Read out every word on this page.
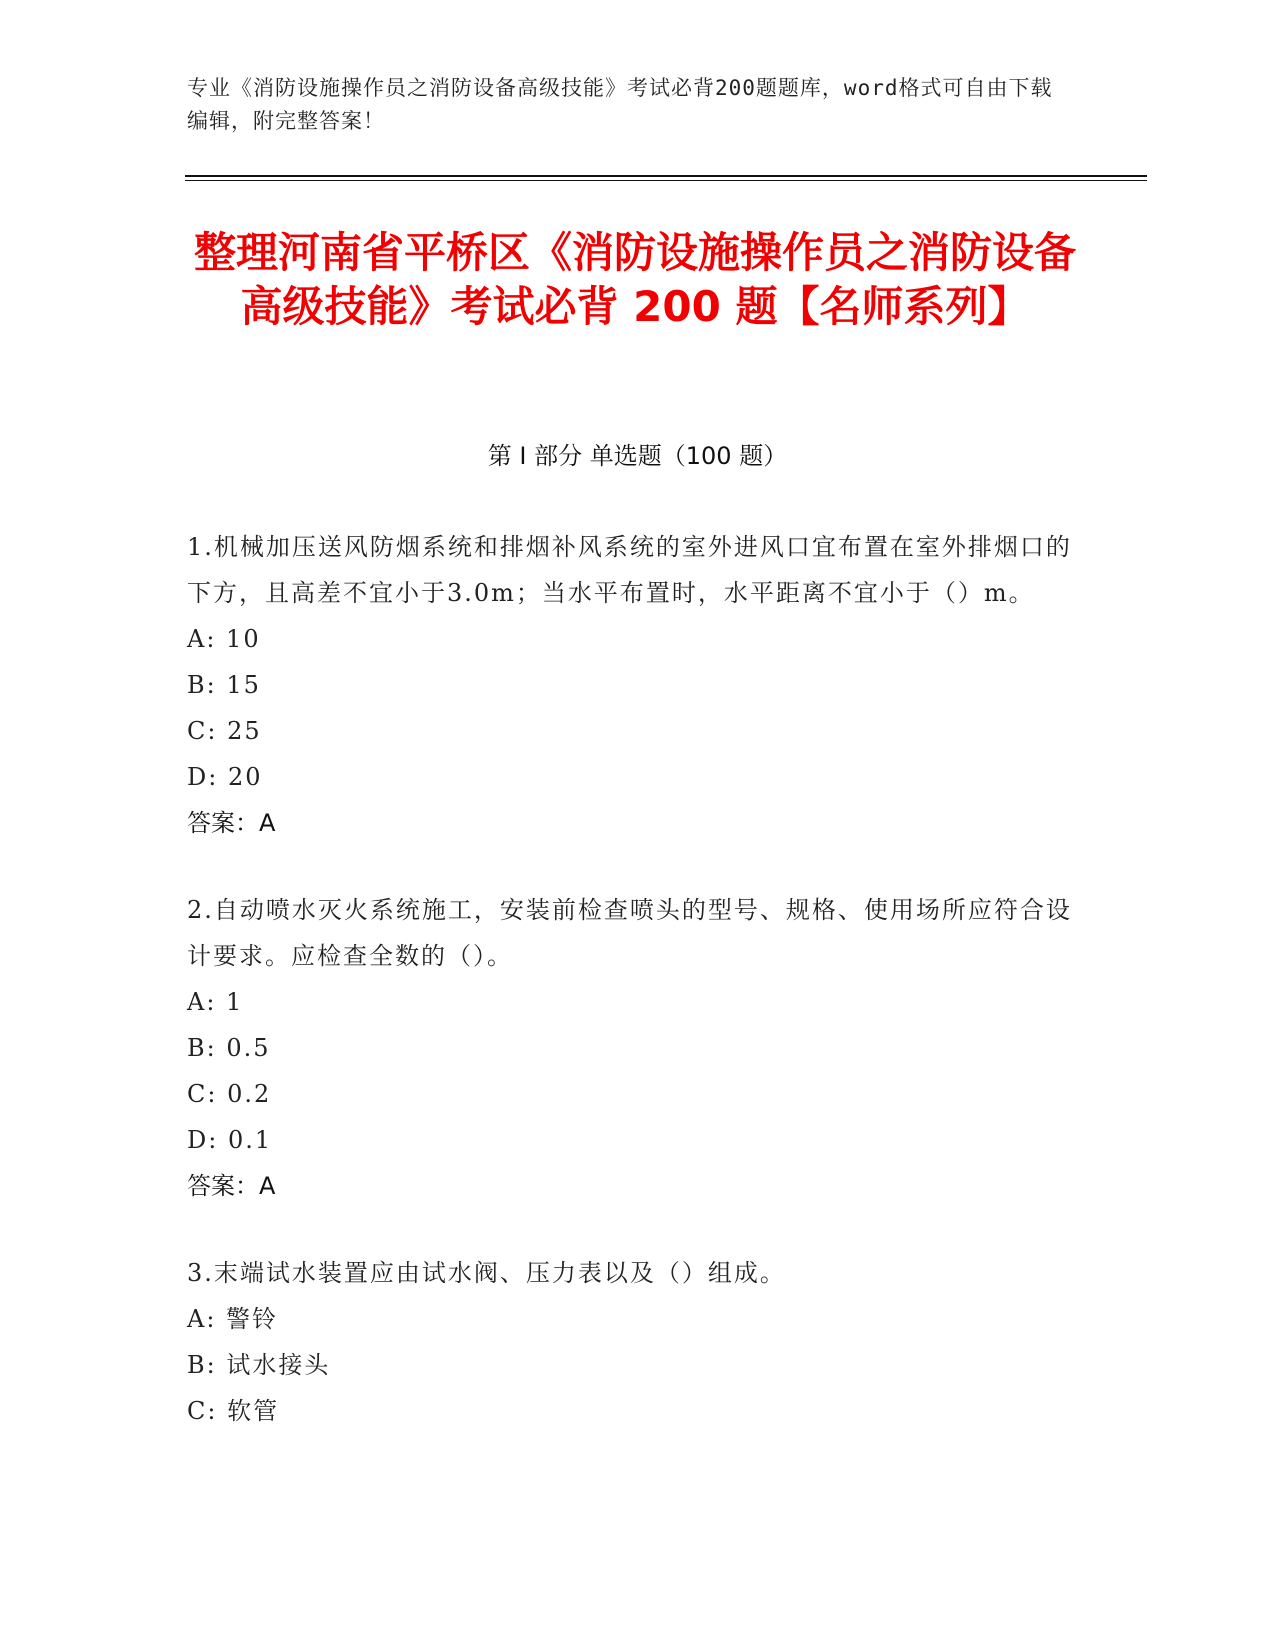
专业《消防设施操作员之消防设备高级技能》考试必背200题题库，word格式可自由下载编辑，附完整答案！
整理河南省平桥区《消防设施操作员之消防设备高级技能》考试必背 200 题【名师系列】
第 I 部分 单选题（100 题）
1.机械加压送风防烟系统和排烟补风系统的室外进风口宜布置在室外排烟口的下方，且高差不宜小于3.0m；当水平布置时，水平距离不宜小于（）m。
A: 10
B: 15
C: 25
D: 20
答案：A
2.自动喷水灭火系统施工，安装前检查喷头的型号、规格、使用场所应符合设计要求。应检查全数的（）。
A: 1
B: 0.5
C: 0.2
D: 0.1
答案：A
3.末端试水装置应由试水阀、压力表以及（）组成。
A: 警铃
B: 试水接头
C: 软管
